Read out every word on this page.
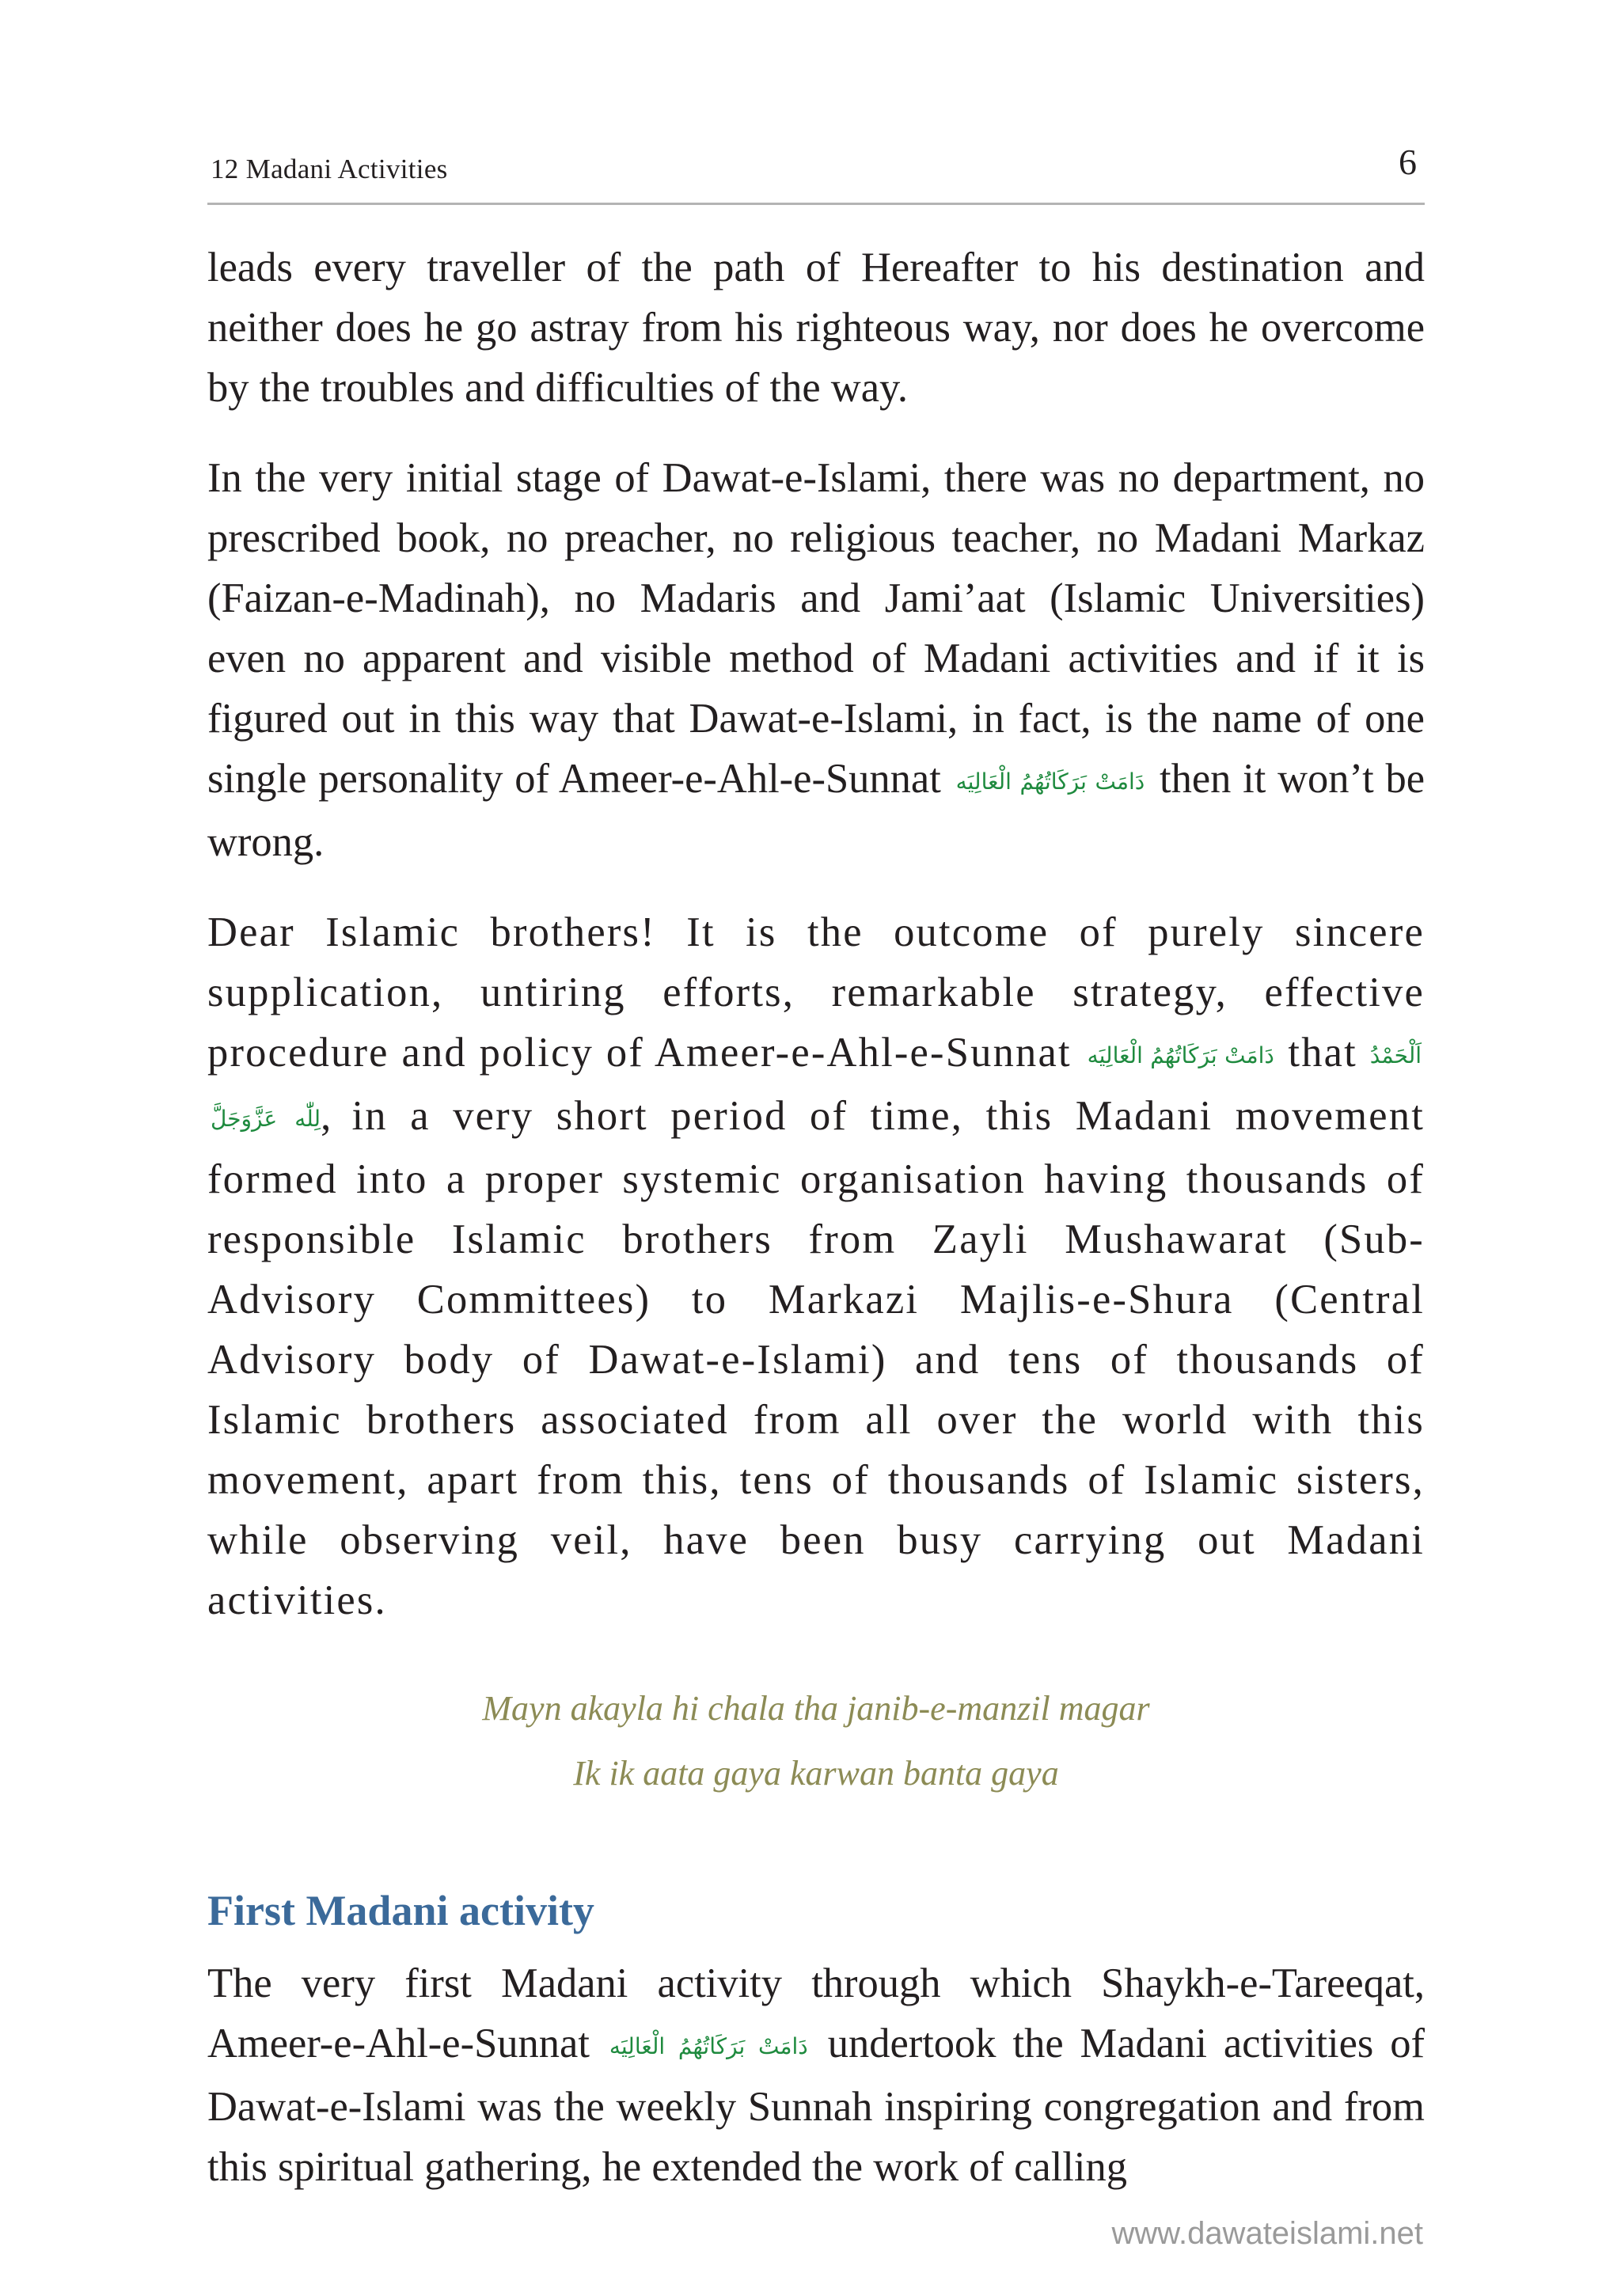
12 Madani Activities	6

leads every traveller of the path of Hereafter to his destination and neither does he go astray from his righteous way, nor does he overcome by the troubles and difficulties of the way.

In the very initial stage of Dawat-e-Islami, there was no department, no prescribed book, no preacher, no religious teacher, no Madani Markaz (Faizan-e-Madinah), no Madaris and Jami’aat (Islamic Universities) even no apparent and visible method of Madani activities and if it is figured out in this way that Dawat-e-Islami, in fact, is the name of one single personality of Ameer-e-Ahl-e-Sunnat دَامَتْ بَرَكَاتُهُمُ الْعَالِيَه then it won’t be wrong.

Dear Islamic brothers! It is the outcome of purely sincere supplication, untiring efforts, remarkable strategy, effective procedure and policy of Ameer-e-Ahl-e-Sunnat دَامَتْ بَرَكَاتُهُمُ الْعَالِيَه that اَلْحَمْدُ لِلّٰه عَزَّوَجَلَّ, in a very short period of time, this Madani movement formed into a proper systemic organisation having thousands of responsible Islamic brothers from Zayli Mushawarat (Sub-Advisory Committees) to Markazi Majlis-e-Shura (Central Advisory body of Dawat-e-Islami) and tens of thousands of Islamic brothers associated from all over the world with this movement, apart from this, tens of thousands of Islamic sisters, while observing veil, have been busy carrying out Madani activities.

Mayn akayla hi chala tha janib-e-manzil magar
Ik ik aata gaya karwan banta gaya
First Madani activity

The very first Madani activity through which Shaykh-e-Tareeqat, Ameer-e-Ahl-e-Sunnat دَامَتْ بَرَكَاتُهُمُ الْعَالِيَه undertook the Madani activities of Dawat-e-Islami was the weekly Sunnah inspiring congregation and from this spiritual gathering, he extended the work of calling

www.dawateislami.net
